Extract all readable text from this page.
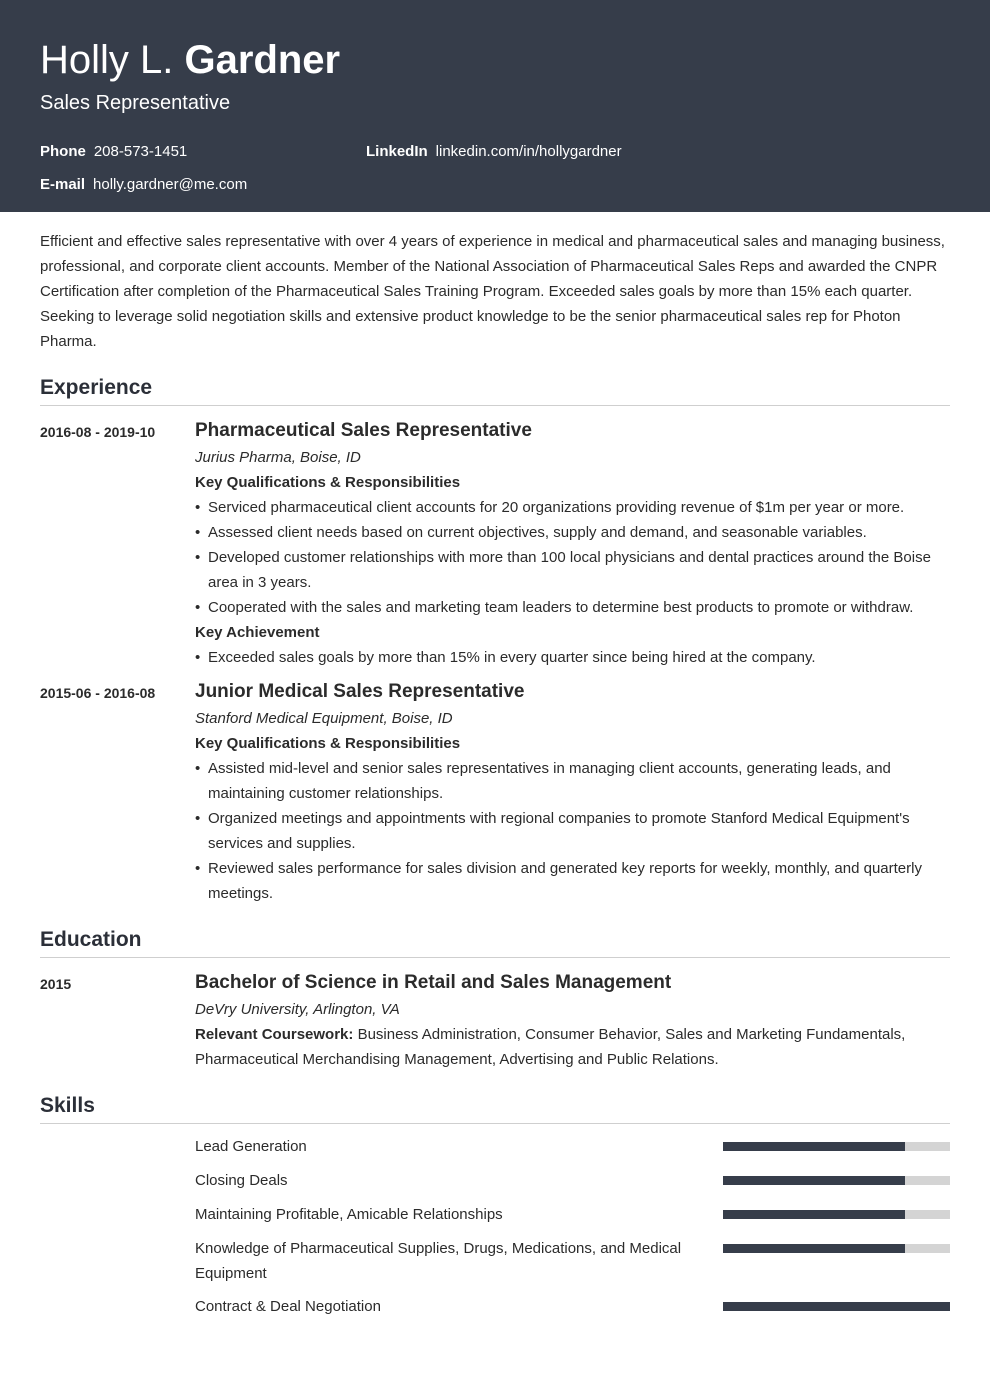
Holly L. Gardner
Sales Representative
Phone 208-573-1451	LinkedIn linkedin.com/in/hollygardner
E-mail holly.gardner@me.com

Efficient and effective sales representative with over 4 years of experience in medical and pharmaceutical sales and managing business, professional, and corporate client accounts. Member of the National Association of Pharmaceutical Sales Reps and awarded the CNPR Certification after completion of the Pharmaceutical Sales Training Program. Exceeded sales goals by more than 15% each quarter. Seeking to leverage solid negotiation skills and extensive product knowledge to be the senior pharmaceutical sales rep for Photon Pharma.

Experience
2016-08 - 2019-10	Pharmaceutical Sales Representative
Jurius Pharma, Boise, ID
Key Qualifications & Responsibilities
• Serviced pharmaceutical client accounts for 20 organizations providing revenue of $1m per year or more.
• Assessed client needs based on current objectives, supply and demand, and seasonable variables.
• Developed customer relationships with more than 100 local physicians and dental practices around the Boise area in 3 years.
• Cooperated with the sales and marketing team leaders to determine best products to promote or withdraw.
Key Achievement
• Exceeded sales goals by more than 15% in every quarter since being hired at the company.
2015-06 - 2016-08	Junior Medical Sales Representative
Stanford Medical Equipment, Boise, ID
Key Qualifications & Responsibilities
• Assisted mid-level and senior sales representatives in managing client accounts, generating leads, and maintaining customer relationships.
• Organized meetings and appointments with regional companies to promote Stanford Medical Equipment's services and supplies.
• Reviewed sales performance for sales division and generated key reports for weekly, monthly, and quarterly meetings.
Education
2015	Bachelor of Science in Retail and Sales Management
DeVry University, Arlington, VA
Relevant Coursework: Business Administration, Consumer Behavior, Sales and Marketing Fundamentals, Pharmaceutical Merchandising Management, Advertising and Public Relations.
Skills
Lead Generation
Closing Deals
Maintaining Profitable, Amicable Relationships
Knowledge of Pharmaceutical Supplies, Drugs, Medications, and Medical Equipment
Contract & Deal Negotiation
